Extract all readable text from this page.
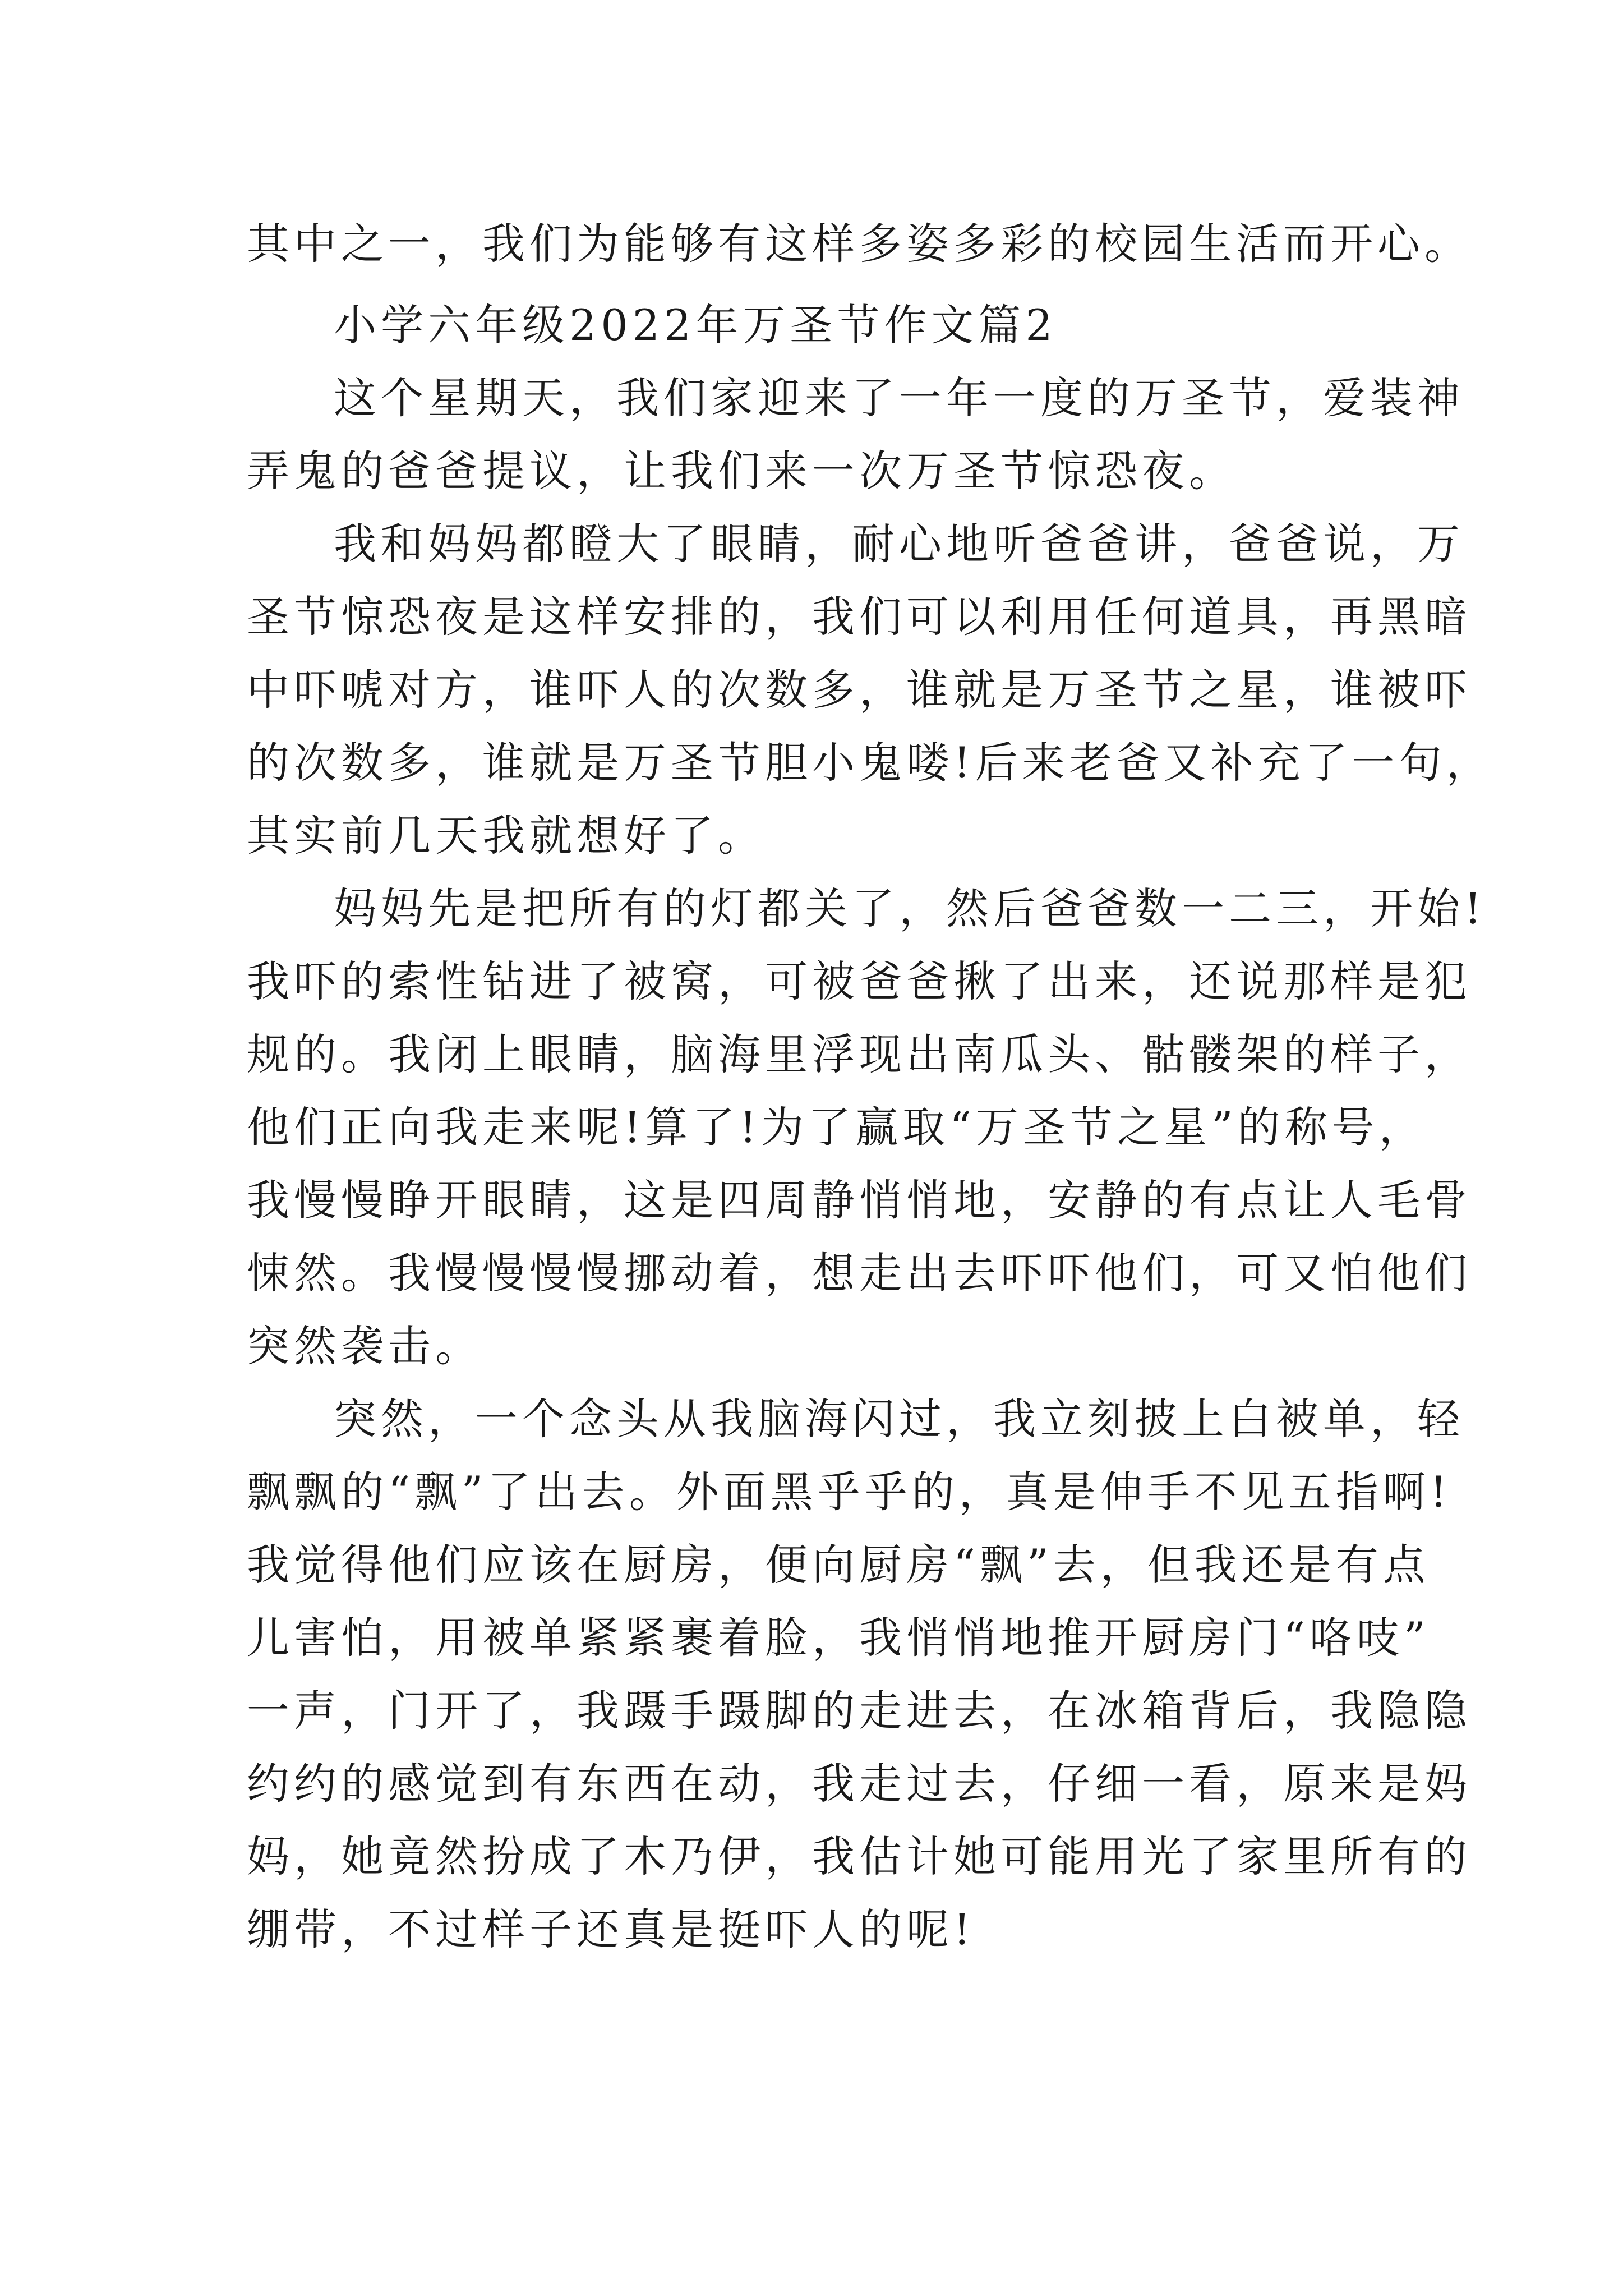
其中之一，我们为能够有这样多姿多彩的校园生活而开心。
小学六年级2022年万圣节作文篇2
这个星期天，我们家迎来了一年一度的万圣节，爱装神
弄鬼的爸爸提议，让我们来一次万圣节惊恐夜。
我和妈妈都瞪大了眼睛，耐心地听爸爸讲，爸爸说，万
圣节惊恐夜是这样安排的，我们可以利用任何道具，再黑暗
中吓唬对方，谁吓人的次数多，谁就是万圣节之星，谁被吓
的次数多，谁就是万圣节胆小鬼喽!后来老爸又补充了一句，
其实前几天我就想好了。
妈妈先是把所有的灯都关了，然后爸爸数一二三，开始!
我吓的索性钻进了被窝，可被爸爸揪了出来，还说那样是犯
规的。我闭上眼睛，脑海里浮现出南瓜头、骷髅架的样子，
他们正向我走来呢!算了!为了赢取“万圣节之星”的称号，
我慢慢睁开眼睛，这是四周静悄悄地，安静的有点让人毛骨
悚然。我慢慢慢慢挪动着，想走出去吓吓他们，可又怕他们
突然袭击。
突然，一个念头从我脑海闪过，我立刻披上白被单，轻
飘飘的“飘”了出去。外面黑乎乎的，真是伸手不见五指啊!
我觉得他们应该在厨房，便向厨房“飘”去，但我还是有点
儿害怕，用被单紧紧裹着脸，我悄悄地推开厨房门“咯吱”
一声，门开了，我蹑手蹑脚的走进去，在冰箱背后，我隐隐
约约的感觉到有东西在动，我走过去，仔细一看，原来是妈
妈，她竟然扮成了木乃伊，我估计她可能用光了家里所有的
绷带，不过样子还真是挺吓人的呢!
